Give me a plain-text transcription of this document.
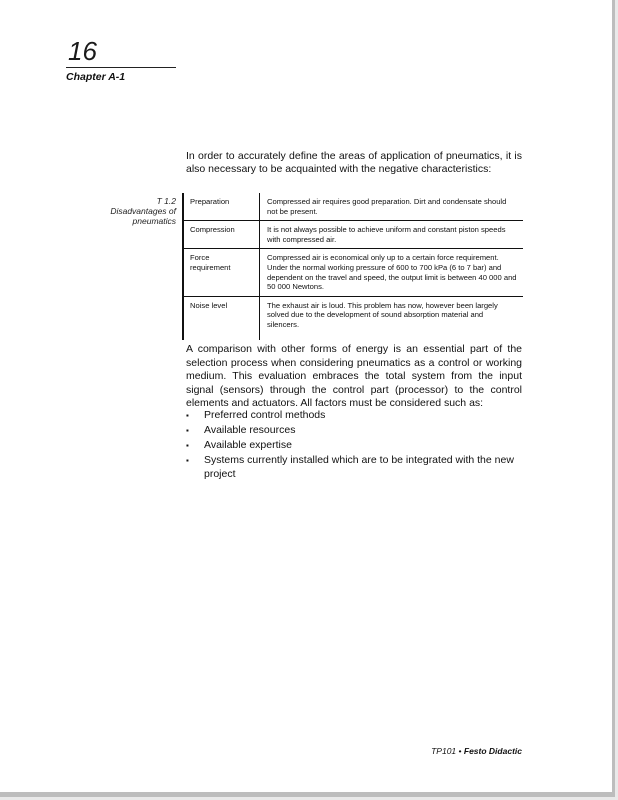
16
Chapter A-1

In order to accurately define the areas of application of pneumatics, it is also necessary to be acquainted with the negative characteristics:

T 1.2
Disadvantages of
pneumatics
Preparation	Compressed air requires good preparation. Dirt and condensate should not be present.
Compression	It is not always possible to achieve uniform and constant piston speeds with compressed air.
Force requirement	Compressed air is economical only up to a certain force requirement. Under the normal working pressure of 600 to 700 kPa (6 to 7 bar) and dependent on the travel and speed, the output limit is between 40 000 and 50 000 Newtons.
Noise level	The exhaust air is loud. This problem has now, however been largely solved due to the development of sound absorption material and silencers.

A comparison with other forms of energy is an essential part of the selection process when considering pneumatics as a control or working medium. This evaluation embraces the total system from the input signal (sensors) through the control part (processor) to the control elements and actuators. All factors must be considered such as:

▪ Preferred control methods
▪ Available resources
▪ Available expertise
▪ Systems currently installed which are to be integrated with the new project
TP101 • Festo Didactic
